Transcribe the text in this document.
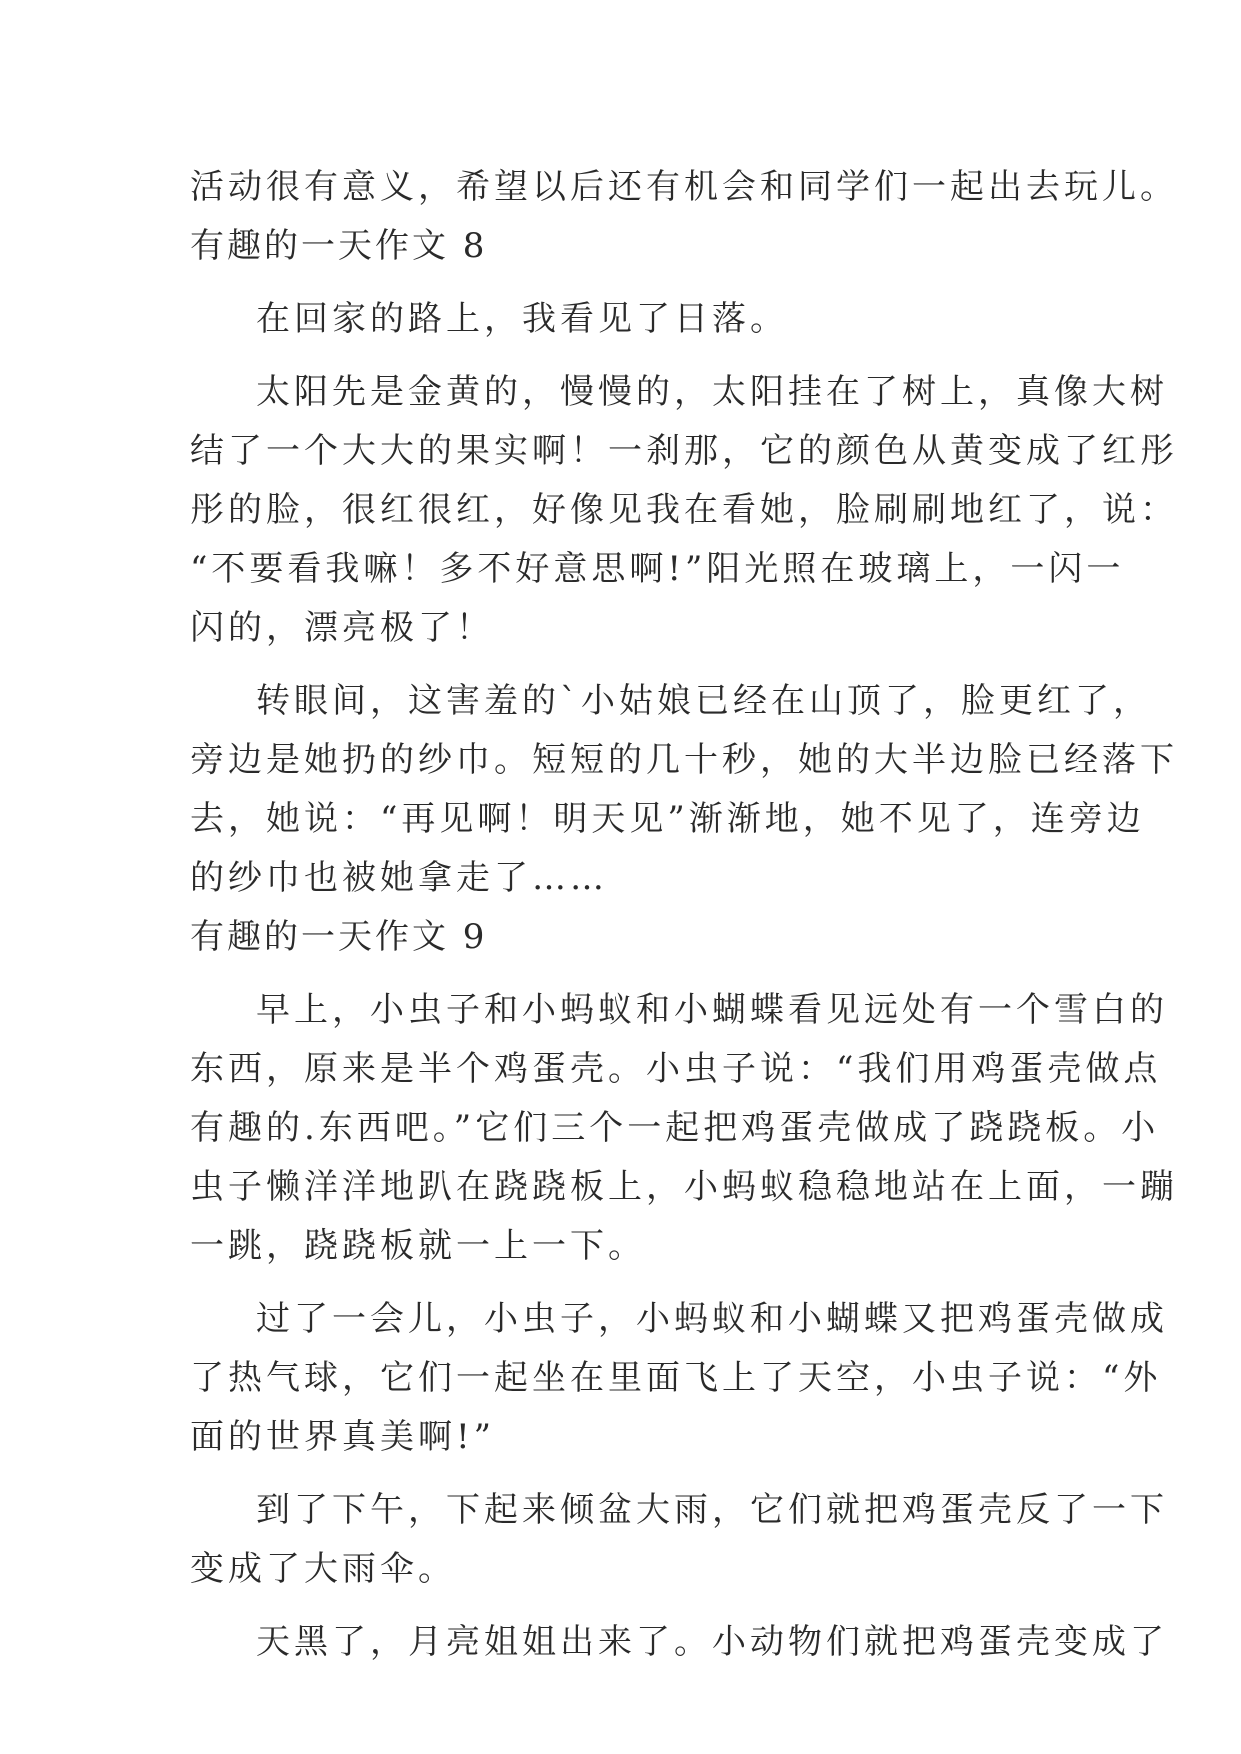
活动很有意义，希望以后还有机会和同学们一起出去玩儿。
有趣的一天作文 8
在回家的路上，我看见了日落。
太阳先是金黄的，慢慢的，太阳挂在了树上，真像大树
结了一个大大的果实啊！一刹那，它的颜色从黄变成了红彤
彤的脸，很红很红，好像见我在看她，脸刷刷地红了，说：
“不要看我嘛！多不好意思啊!”阳光照在玻璃上，一闪一
闪的，漂亮极了！
转眼间，这害羞的`小姑娘已经在山顶了，脸更红了，
旁边是她扔的纱巾。短短的几十秒，她的大半边脸已经落下
去，她说：“再见啊！明天见”渐渐地，她不见了，连旁边
的纱巾也被她拿走了……
有趣的一天作文 9
早上，小虫子和小蚂蚁和小蝴蝶看见远处有一个雪白的
东西，原来是半个鸡蛋壳。小虫子说：“我们用鸡蛋壳做点
有趣的.东西吧。”它们三个一起把鸡蛋壳做成了跷跷板。小
虫子懒洋洋地趴在跷跷板上，小蚂蚁稳稳地站在上面，一蹦
一跳，跷跷板就一上一下。
过了一会儿，小虫子，小蚂蚁和小蝴蝶又把鸡蛋壳做成
了热气球，它们一起坐在里面飞上了天空，小虫子说：“外
面的世界真美啊!”
到了下午，下起来倾盆大雨，它们就把鸡蛋壳反了一下
变成了大雨伞。
天黑了，月亮姐姐出来了。小动物们就把鸡蛋壳变成了
